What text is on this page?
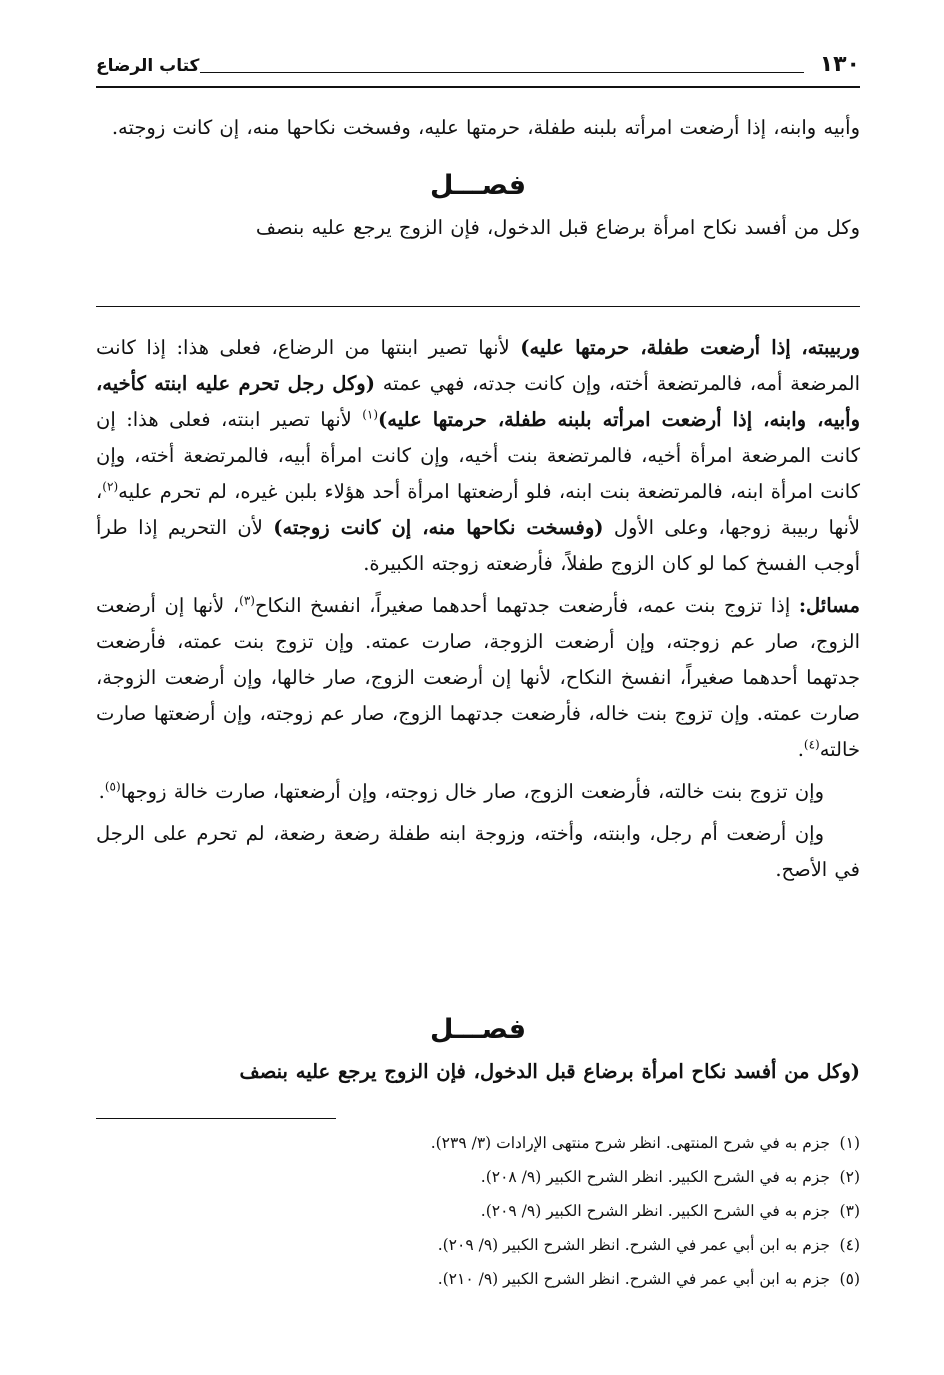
١٣٠
كتاب الرضاع

وأبيه وابنه، إذا أرضعت امرأته بلبنه طفلة، حرمتها عليه، وفسخت نكاحها منه، إن كانت زوجته.

فصـــل

وكل من أفسد نكاح امرأة برضاع قبل الدخول، فإن الزوج يرجع عليه بنصف

وربيبته، إذا أرضعت طفلة، حرمتها عليه) لأنها تصير ابنتها من الرضاع، فعلى هذا: إذا كانت المرضعة أمه، فالمرتضعة أخته، وإن كانت جدته، فهي عمته (وكل رجل تحرم عليه ابنته كأخيه، وأبيه، وابنه، إذا أرضعت امرأته بلبنه طفلة، حرمتها عليه)$^{(١)}$ لأنها تصير ابنته، فعلى هذا: إن كانت المرضعة امرأة أخيه، فالمرتضعة بنت أخيه، وإن كانت امرأة أبيه، فالمرتضعة أخته، وإن كانت امرأة ابنه، فالمرتضعة بنت ابنه، فلو أرضعتها امرأة أحد هؤلاء بلبن غيره، لم تحرم عليه$^{(٢)}$، لأنها ربيبة زوجها، وعلى الأول (وفسخت نكاحها منه، إن كانت زوجته) لأن التحريم إذا طرأ أوجب الفسخ كما لو كان الزوج طفلاً، فأرضعته زوجته الكبيرة.

مسائل: إذا تزوج بنت عمه، فأرضعت جدتهما أحدهما صغيراً، انفسخ النكاح$^{(٣)}$، لأنها إن أرضعت الزوج، صار عم زوجته، وإن أرضعت الزوجة، صارت عمته. وإن تزوج بنت عمته، فأرضعت جدتهما أحدهما صغيراً، انفسخ النكاح، لأنها إن أرضعت الزوج، صار خالها، وإن أرضعت الزوجة، صارت عمته. وإن تزوج بنت خاله، فأرضعت جدتهما الزوج، صار عم زوجته، وإن أرضعتها صارت خالته$^{(٤)}$.

وإن تزوج بنت خالته، فأرضعت الزوج، صار خال زوجته، وإن أرضعتها، صارت خالة زوجها$^{(٥)}$.

وإن أرضعت أم رجل، وابنته، وأخته، وزوجة ابنه طفلة رضعة رضعة، لم تحرم على الرجل في الأصح.

فصـــل

(وكل من أفسد نكاح امرأة برضاع قبل الدخول، فإن الزوج يرجع عليه بنصف

(١)جزم به في شرح المنتهى. انظر شرح منتهى الإرادات (٣/ ٢٣٩).

(٢)جزم به في الشرح الكبير. انظر الشرح الكبير (٩/ ٢٠٨).

(٣)جزم به في الشرح الكبير. انظر الشرح الكبير (٩/ ٢٠٩).

(٤)جزم به ابن أبي عمر في الشرح. انظر الشرح الكبير (٩/ ٢٠٩).

(٥)جزم به ابن أبي عمر في الشرح. انظر الشرح الكبير (٩/ ٢١٠).
